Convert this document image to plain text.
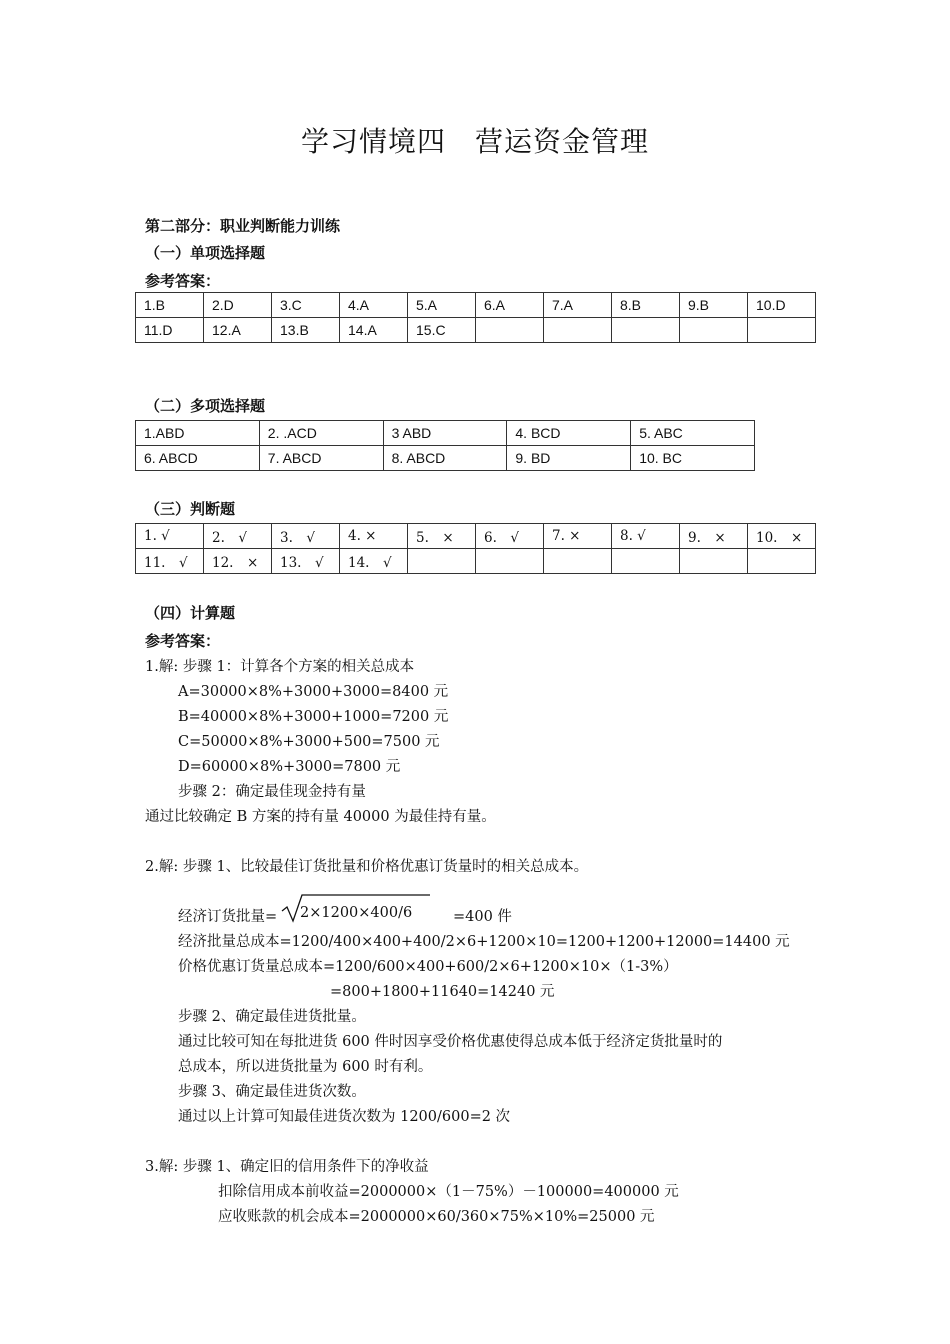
学习情境四　营运资金管理
第二部分：职业判断能力训练
（一）单项选择题
参考答案：
1.B	2.D	3.C	4.A	5.A	6.A	7.A	8.B	9.B	10.D
11.D	12.A	13.B	14.A	15.C					
（二）多项选择题
1.ABD	2. .ACD	3 ABD	4. BCD	5. ABC
6. ABCD	7. ABCD	8. ABCD	9. BD	10. BC
（三）判断题
1. √	2.　√	3.　√	4. ×	5.　×	6.　√	7. ×	8. √	9.　×	10.　×
11.　√	12.　×	13.　√	14.　√						
（四）计算题
参考答案：
1.解: 步骤 1：计算各个方案的相关总成本
A=30000×8%+3000+3000=8400 元
B=40000×8%+3000+1000=7200 元
C=50000×8%+3000+500=7500 元
D=60000×8%+3000=7800 元
步骤 2：确定最佳现金持有量
通过比较确定 B 方案的持有量 40000 为最佳持有量。
2.解: 步骤 1、比较最佳订货批量和价格优惠订货量时的相关总成本。
经济订货批量= 2×1200×400/6	=400 件
经济批量总成本=1200/400×400+400/2×6+1200×10=1200+1200+12000=14400 元
价格优惠订货量总成本=1200/600×400+600/2×6+1200×10×（1-3%）
=800+1800+11640=14240 元
步骤 2、确定最佳进货批量。
通过比较可知在每批进货 600 件时因享受价格优惠使得总成本低于经济定货批量时的
总成本，所以进货批量为 600 时有利。
步骤 3、确定最佳进货次数。
通过以上计算可知最佳进货次数为 1200/600=2 次
3.解: 步骤 1、确定旧的信用条件下的净收益
扣除信用成本前收益=2000000×（1－75%）－100000=400000 元
应收账款的机会成本=2000000×60/360×75%×10%=25000 元
